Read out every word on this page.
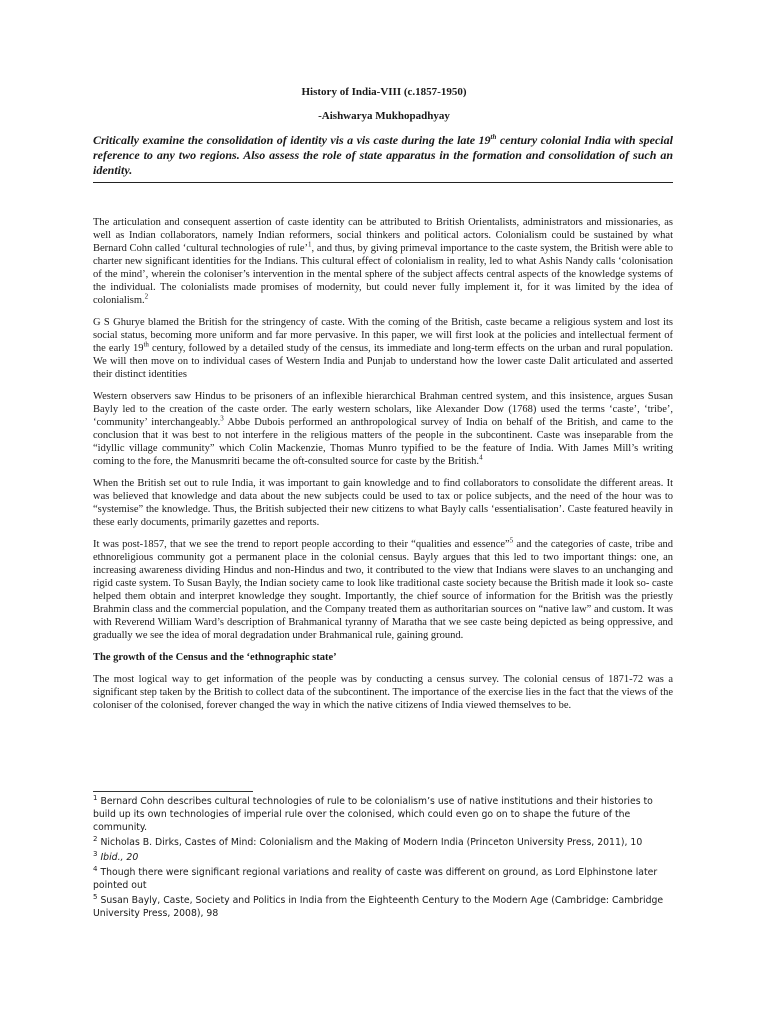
History of India-VIII (c.1857-1950)
-Aishwarya Mukhopadhyay
Critically examine the consolidation of identity vis a vis caste during the late 19th century colonial India with special reference to any two regions. Also assess the role of state apparatus in the formation and consolidation of such an identity.

The articulation and consequent assertion of caste identity can be attributed to British Orientalists, administrators and missionaries, as well as Indian collaborators, namely Indian reformers, social thinkers and political actors. Colonialism could be sustained by what Bernard Cohn called ‘cultural technologies of rule’$^1$, and thus, by giving primeval importance to the caste system, the British were able to charter new significant identities for the Indians. This cultural effect of colonialism in reality, led to what Ashis Nandy calls ‘colonisation of the mind’, wherein the coloniser’s intervention in the mental sphere of the subject affects central aspects of the knowledge systems of the individual. The colonialists made promises of modernity, but could never fully implement it, for it was limited by the idea of colonialism.$^2$

G S Ghurye blamed the British for the stringency of caste. With the coming of the British, caste became a religious system and lost its social status, becoming more uniform and far more pervasive. In this paper, we will first look at the policies and intellectual ferment of the early 19th century, followed by a detailed study of the census, its immediate and long-term effects on the urban and rural population. We will then move on to individual cases of Western India and Punjab to understand how the lower caste Dalit articulated and asserted their distinct identities

Western observers saw Hindus to be prisoners of an inflexible hierarchical Brahman centred system, and this insistence, argues Susan Bayly led to the creation of the caste order. The early western scholars, like Alexander Dow (1768) used the terms ‘caste’, ‘tribe’, ‘community’ interchangeably.$^3$ Abbe Dubois performed an anthropological survey of India on behalf of the British, and came to the conclusion that it was best to not interfere in the religious matters of the people in the subcontinent. Caste was inseparable from the “idyllic village community” which Colin Mackenzie, Thomas Munro typified to be the feature of India. With James Mill’s writing coming to the fore, the Manusmriti became the oft-consulted source for caste by the British.$^4$

When the British set out to rule India, it was important to gain knowledge and to find collaborators to consolidate the different areas. It was believed that knowledge and data about the new subjects could be used to tax or police subjects, and the need of the hour was to “systemise” the knowledge. Thus, the British subjected their new citizens to what Bayly calls ‘essentialisation’. Caste featured heavily in these early documents, primarily gazettes and reports.

It was post-1857, that we see the trend to report people according to their “qualities and essence”$^5$ and the categories of caste, tribe and ethnoreligious community got a permanent place in the colonial census. Bayly argues that this led to two important things: one, an increasing awareness dividing Hindus and non-Hindus and two, it contributed to the view that Indians were slaves to an unchanging and rigid caste system. To Susan Bayly, the Indian society came to look like traditional caste society because the British made it look so- caste helped them obtain and interpret knowledge they sought. Importantly, the chief source of information for the British was the priestly Brahmin class and the commercial population, and the Company treated them as authoritarian sources on “native law” and custom. It was with Reverend William Ward’s description of Brahmanical tyranny of Maratha that we see caste being depicted as being oppressive, and gradually we see the idea of moral degradation under Brahmanical rule, gaining ground.

The growth of the Census and the ‘ethnographic state’

The most logical way to get information of the people was by conducting a census survey. The colonial census of 1871-72 was a significant step taken by the British to collect data of the subcontinent. The importance of the exercise lies in the fact that the views of the coloniser of the colonised, forever changed the way in which the native citizens of India viewed themselves to be.

$^1$ Bernard Cohn describes cultural technologies of rule to be colonialism’s use of native institutions and their histories to build up its own technologies of imperial rule over the colonised, which could even go on to shape the future of the community.
$^2$ Nicholas B. Dirks, Castes of Mind: Colonialism and the Making of Modern India (Princeton University Press, 2011), 10
$^3$ Ibid., 20
$^4$ Though there were significant regional variations and reality of caste was different on ground, as Lord Elphinstone later pointed out
$^5$ Susan Bayly, Caste, Society and Politics in India from the Eighteenth Century to the Modern Age (Cambridge: Cambridge University Press, 2008), 98
